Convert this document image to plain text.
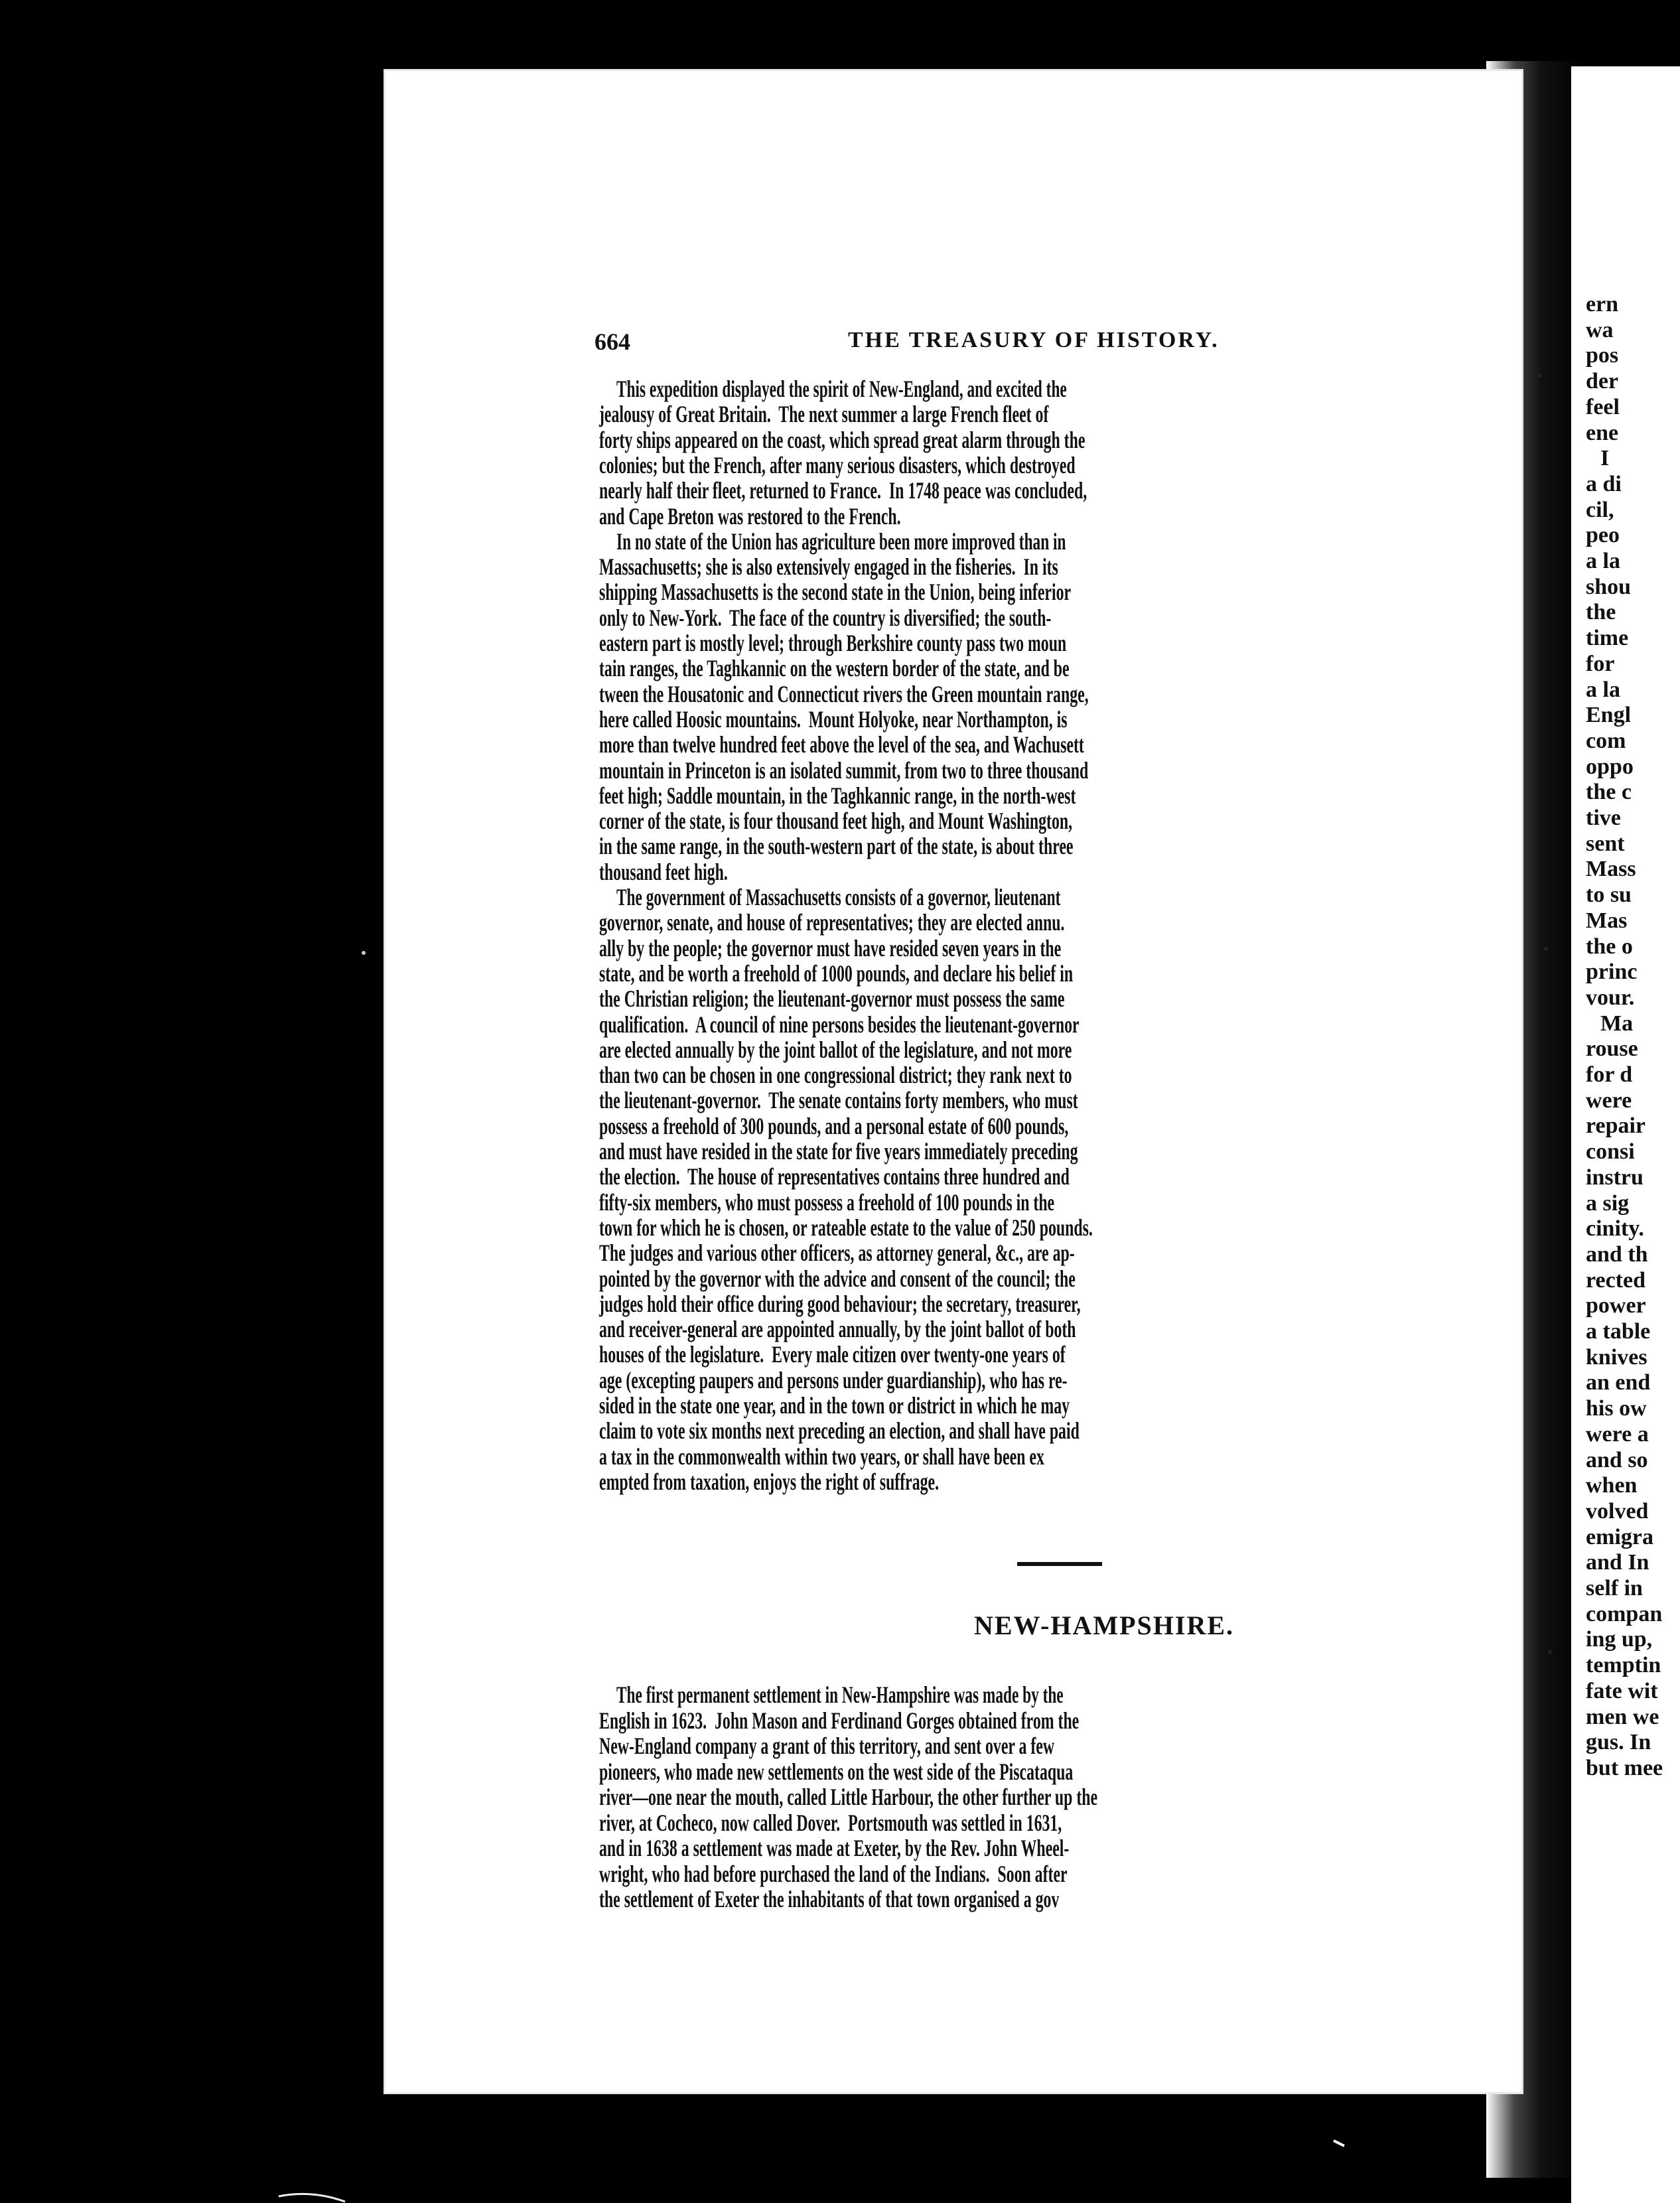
664	THE TREASURY OF HISTORY.
This expedition displayed the spirit of New-England, and excited the
jealousy of Great Britain.  The next summer a large French fleet of
forty ships appeared on the coast, which spread great alarm through the
colonies; but the French, after many serious disasters, which destroyed
nearly half their fleet, returned to France.  In 1748 peace was concluded,
and Cape Breton was restored to the French.
In no state of the Union has agriculture been more improved than in
Massachusetts; she is also extensively engaged in the fisheries.  In its
shipping Massachusetts is the second state in the Union, being inferior
only to New-York.  The face of the country is diversified; the south-
eastern part is mostly level; through Berkshire county pass two moun
tain ranges, the Taghkannic on the western border of the state, and be
tween the Housatonic and Connecticut rivers the Green mountain range,
here called Hoosic mountains.  Mount Holyoke, near Northampton, is
more than twelve hundred feet above the level of the sea, and Wachusett
mountain in Princeton is an isolated summit, from two to three thousand
feet high; Saddle mountain, in the Taghkannic range, in the north-west
corner of the state, is four thousand feet high, and Mount Washington,
in the same range, in the south-western part of the state, is about three
thousand feet high.
The government of Massachusetts consists of a governor, lieutenant
governor, senate, and house of representatives; they are elected annu.
ally by the people; the governor must have resided seven years in the
state, and be worth a freehold of 1000 pounds, and declare his belief in
the Christian religion; the lieutenant-governor must possess the same
qualification.  A council of nine persons besides the lieutenant-governor
are elected annually by the joint ballot of the legislature, and not more
than two can be chosen in one congressional district; they rank next to
the lieutenant-governor.  The senate contains forty members, who must
possess a freehold of 300 pounds, and a personal estate of 600 pounds,
and must have resided in the state for five years immediately preceding
the election.  The house of representatives contains three hundred and
fifty-six members, who must possess a freehold of 100 pounds in the
town for which he is chosen, or rateable estate to the value of 250 pounds.
The judges and various other officers, as attorney general, &c., are ap-
pointed by the governor with the advice and consent of the council; the
judges hold their office during good behaviour; the secretary, treasurer,
and receiver-general are appointed annually, by the joint ballot of both
houses of the legislature.  Every male citizen over twenty-one years of
age (excepting paupers and persons under guardianship), who has re-
sided in the state one year, and in the town or district in which he may
claim to vote six months next preceding an election, and shall have paid
a tax in the commonwealth within two years, or shall have been ex
empted from taxation, enjoys the right of suffrage.
NEW-HAMPSHIRE.
The first permanent settlement in New-Hampshire was made by the
English in 1623.  John Mason and Ferdinand Gorges obtained from the
New-England company a grant of this territory, and sent over a few
pioneers, who made new settlements on the west side of the Piscataqua
river—one near the mouth, called Little Harbour, the other further up the
river, at Cocheco, now called Dover.  Portsmouth was settled in 1631,
and in 1638 a settlement was made at Exeter, by the Rev. John Wheel-
wright, who had before purchased the land of the Indians.  Soon after
the settlement of Exeter the inhabitants of that town organised a gov
ern
wa
pos
der
feel
ene
I
a di
cil,
peo
a la
shou
the
time
for
a la
Engl
com
oppo
the c
tive
sent
Mass
to su
Mas
the o
princ
vour.
Ma
rouse
for d
were
repair
consi
instru
a sig
cinity.
and th
rected
power
a table
knives
an end
his ow
were a
and so
when
volved
emigra
and In
self in
compan
ing up,
temptin
fate wit
men we
gus. In
but mee
